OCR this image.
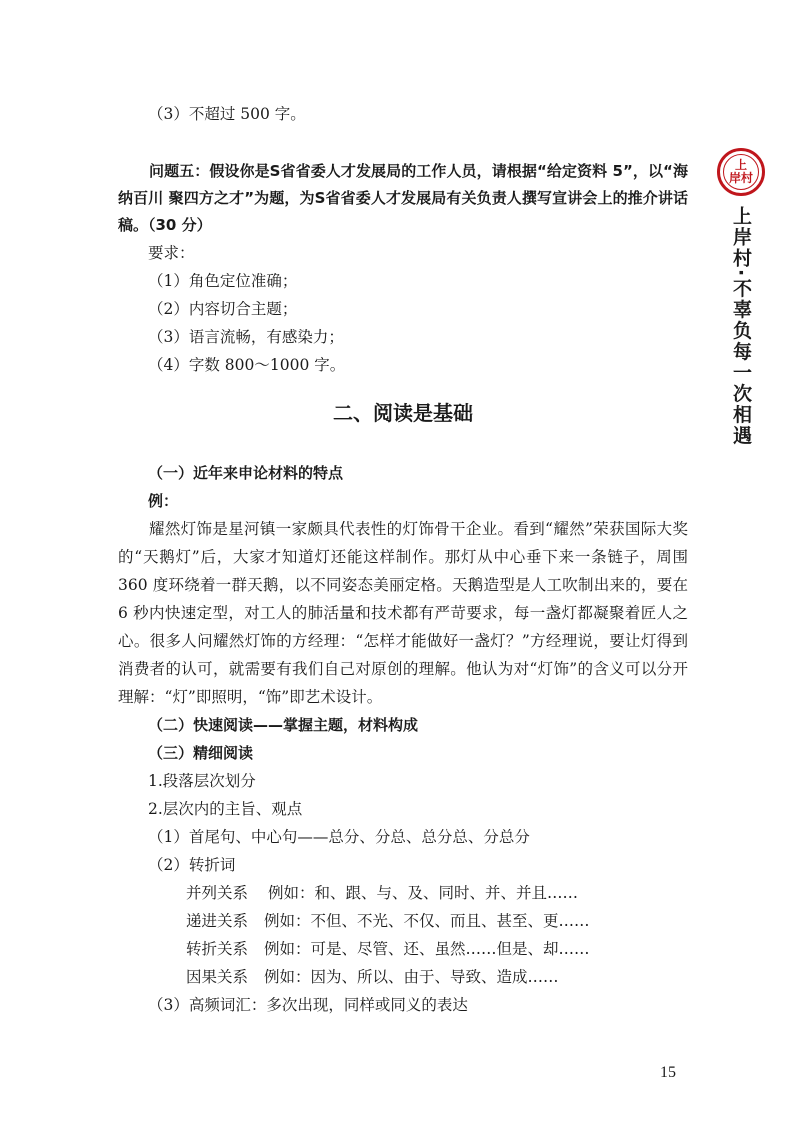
（3）不超过 500 字。

问题五：假设你是S省省委人才发展局的工作人员，请根据“给定资料 5”，以“海纳百川 聚四方之才”为题，为S省省委人才发展局有关负责人撰写宣讲会上的推介讲话稿。（30 分）

要求：

（1）角色定位准确；

（2）内容切合主题；

（3）语言流畅，有感染力；

（4）字数 800～1000 字。

二、阅读是基础

（一）近年来申论材料的特点

例：

耀然灯饰是星河镇一家颇具代表性的灯饰骨干企业。看到“耀然”荣获国际大奖的“天鹅灯”后，大家才知道灯还能这样制作。那灯从中心垂下来一条链子，周围 360 度环绕着一群天鹅，以不同姿态美丽定格。天鹅造型是人工吹制出来的，要在 6 秒内快速定型，对工人的肺活量和技术都有严苛要求，每一盏灯都凝聚着匠人之心。很多人问耀然灯饰的方经理：“怎样才能做好一盏灯？”方经理说，要让灯得到消费者的认可，就需要有我们自己对原创的理解。他认为对“灯饰”的含义可以分开理解：“灯”即照明，“饰”即艺术设计。

（二）快速阅读——掌握主题，材料构成

（三）精细阅读

1.段落层次划分

2.层次内的主旨、观点

（1）首尾句、中心句——总分、分总、总分总、分总分

（2）转折词

并列关系 例如：和、跟、与、及、同时、并、并且……

递进关系 例如：不但、不光、不仅、而且、甚至、更……

转折关系 例如：可是、尽管、还、虽然……但是、却……

因果关系 例如：因为、所以、由于、导致、造成……

（3）高频词汇：多次出现，同样或同义的表达

上
岸村
上岸村·不辜负每一次相遇
15
